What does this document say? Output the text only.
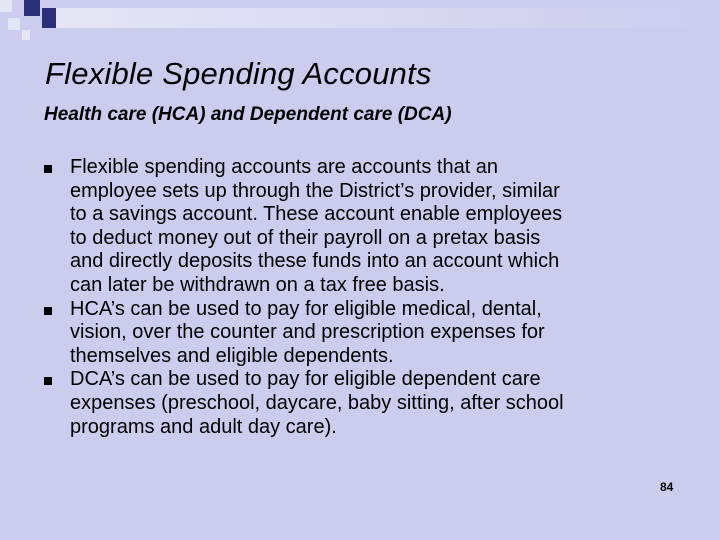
Flexible Spending Accounts
Health care (HCA) and Dependent care (DCA)
Flexible spending accounts are accounts that an
employee sets up through the District’s provider, similar
to a savings account. These account enable employees
to deduct money out of their payroll on a pretax basis
and directly deposits these funds into an account which
can later be withdrawn on a tax free basis.
HCA’s can be used to pay for eligible medical, dental,
vision, over the counter and prescription expenses for
themselves and eligible dependents.
DCA’s can be used to pay for eligible dependent care
expenses (preschool, daycare, baby sitting, after school
programs and adult day care).
84
